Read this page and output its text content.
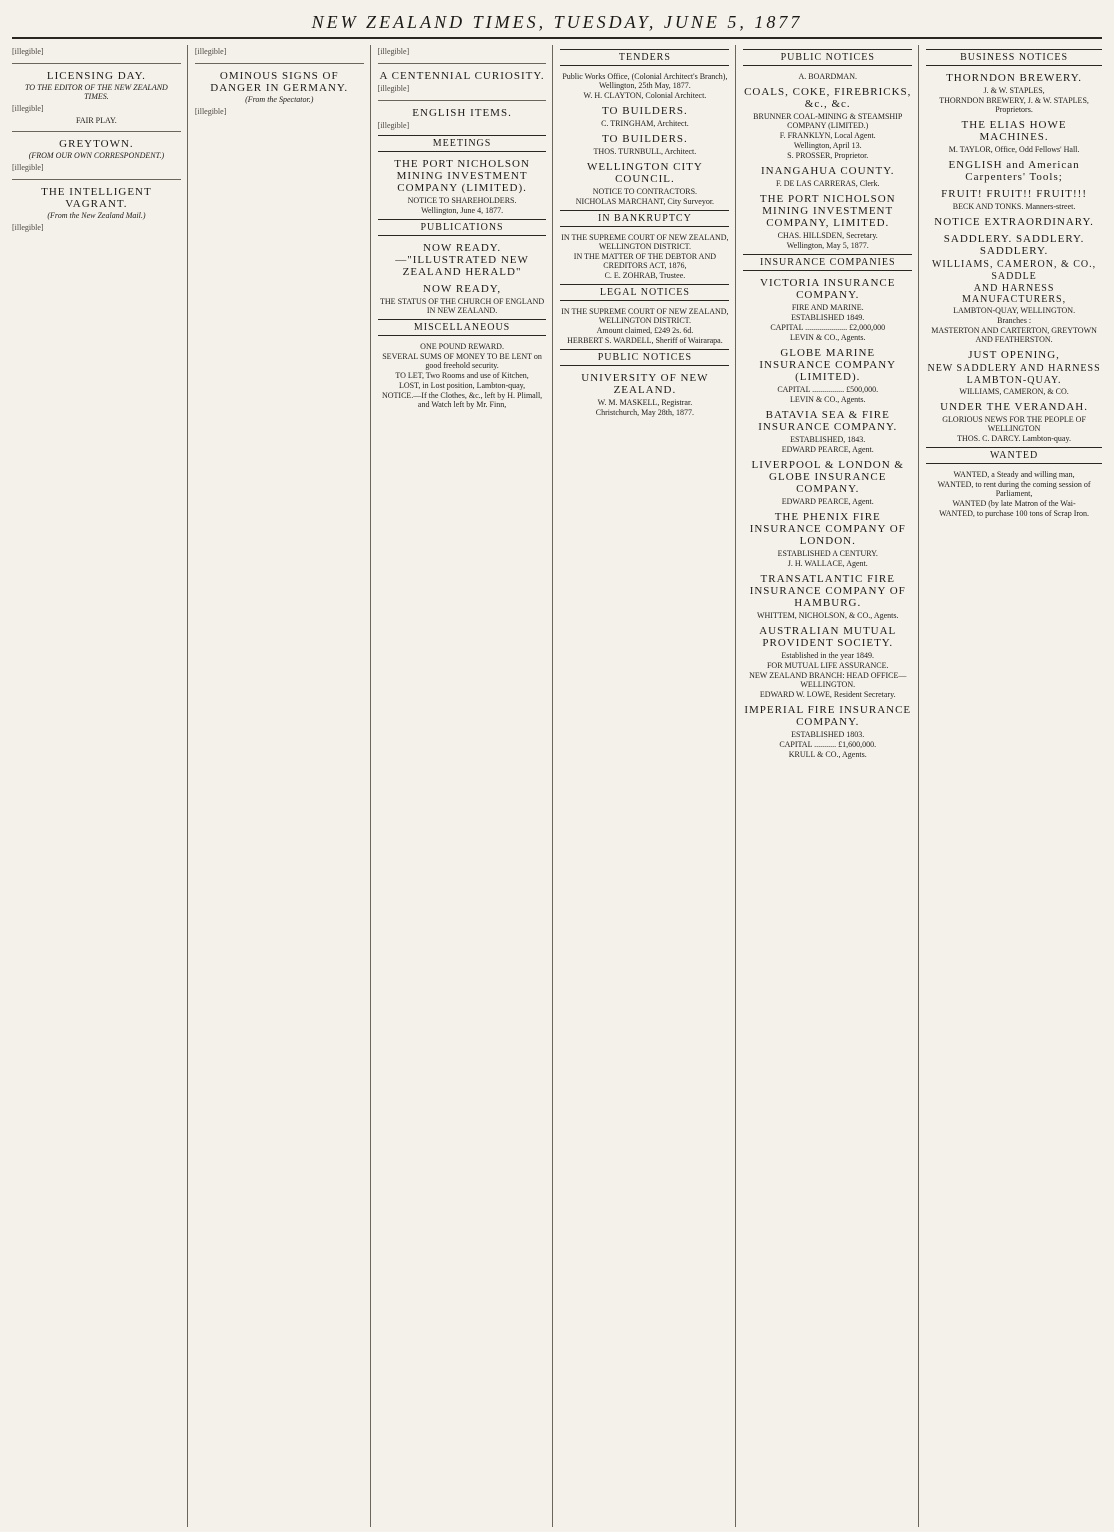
NEW ZEALAND TIMES, TUESDAY, JUNE 5, 1877

[illegible]

LICENSING DAY.
TO THE EDITOR OF THE NEW ZEALAND TIMES.

[illegible]

FAIR PLAY.
GREYTOWN.
(FROM OUR OWN CORRESPONDENT.)

[illegible]

THE INTELLIGENT VAGRANT.
(From the New Zealand Mail.)

[illegible]

[illegible]

OMINOUS SIGNS OF DANGER IN GERMANY.
(From the Spectator.)

[illegible]

[illegible]

A CENTENNIAL CURIOSITY.

[illegible]

ENGLISH ITEMS.

[illegible]

MEETINGS
THE PORT NICHOLSON MINING INVESTMENT COMPANY (LIMITED).
NOTICE TO SHAREHOLDERS.
Wellington, June 4, 1877.
PUBLICATIONS
NOW READY.—"ILLUSTRATED NEW ZEALAND HERALD"
NOW READY,
THE STATUS OF THE CHURCH OF ENGLAND IN NEW ZEALAND.
MISCELLANEOUS
ONE POUND REWARD.
SEVERAL SUMS OF MONEY TO BE LENT on good freehold security.
TO LET, Two Rooms and use of Kitchen,
LOST, in Lost position, Lambton-quay,
NOTICE.—If the Clothes, &c., left by H. Plimall, and Watch left by Mr. Finn,
TENDERS
Public Works Office, (Colonial Architect's Branch), Wellington, 25th May, 1877.
W. H. CLAYTON, Colonial Architect.
TO BUILDERS.
C. TRINGHAM, Architect.
TO BUILDERS.
THOS. TURNBULL, Architect.
WELLINGTON CITY COUNCIL.
NOTICE TO CONTRACTORS.
NICHOLAS MARCHANT, City Surveyor.
IN BANKRUPTCY
IN THE SUPREME COURT OF NEW ZEALAND, WELLINGTON DISTRICT.
IN THE MATTER OF THE DEBTOR AND CREDITORS ACT, 1876,
C. E. ZOHRAB, Trustee.
LEGAL NOTICES
IN THE SUPREME COURT OF NEW ZEALAND, WELLINGTON DISTRICT.
Amount claimed, £249 2s. 6d.
HERBERT S. WARDELL, Sheriff of Wairarapa.
PUBLIC NOTICES
UNIVERSITY OF NEW ZEALAND.
W. M. MASKELL, Registrar.
Christchurch, May 28th, 1877.
PUBLIC NOTICES
A. BOARDMAN.
COALS, COKE, FIREBRICKS, &c., &c.
BRUNNER COAL-MINING & STEAMSHIP COMPANY (LIMITED.)
F. FRANKLYN, Local Agent.
Wellington, April 13.
S. PROSSER, Proprietor.
INANGAHUA COUNTY.
F. DE LAS CARRERAS, Clerk.
THE PORT NICHOLSON MINING INVESTMENT COMPANY, LIMITED.
CHAS. HILLSDEN, Secretary.
Wellington, May 5, 1877.
INSURANCE COMPANIES
VICTORIA INSURANCE COMPANY.
FIRE AND MARINE.
ESTABLISHED 1849.
CAPITAL ..................... £2,000,000
LEVIN & CO., Agents.
GLOBE MARINE INSURANCE COMPANY (LIMITED).
CAPITAL ................ £500,000.
LEVIN & CO., Agents.
BATAVIA SEA & FIRE INSURANCE COMPANY.
ESTABLISHED, 1843.
EDWARD PEARCE, Agent.
LIVERPOOL & LONDON & GLOBE INSURANCE COMPANY.
EDWARD PEARCE, Agent.
THE PHENIX FIRE INSURANCE COMPANY OF LONDON.
ESTABLISHED A CENTURY.
J. H. WALLACE, Agent.
TRANSATLANTIC FIRE INSURANCE COMPANY OF HAMBURG.
WHITTEM, NICHOLSON, & CO., Agents.
AUSTRALIAN MUTUAL PROVIDENT SOCIETY.
Established in the year 1849.
FOR MUTUAL LIFE ASSURANCE.
NEW ZEALAND BRANCH: HEAD OFFICE—WELLINGTON.
EDWARD W. LOWE, Resident Secretary.
IMPERIAL FIRE INSURANCE COMPANY.
ESTABLISHED 1803.
CAPITAL ........... £1,600,000.
KRULL & CO., Agents.
BUSINESS NOTICES
THORNDON BREWERY.
J. & W. STAPLES,
THORNDON BREWERY, J. & W. STAPLES, Proprietors.
THE ELIAS HOWE MACHINES.
M. TAYLOR, Office, Odd Fellows' Hall.
ENGLISH and American Carpenters' Tools;
FRUIT! FRUIT!! FRUIT!!!
BECK AND TONKS. Manners-street.
NOTICE EXTRAORDINARY.
SADDLERY. SADDLERY. SADDLERY.
WILLIAMS, CAMERON, & CO.,
SADDLE
AND HARNESS MANUFACTURERS,
LAMBTON-QUAY, WELLINGTON.
Branches :
MASTERTON AND CARTERTON, GREYTOWN AND FEATHERSTON.
JUST OPENING,
NEW SADDLERY AND HARNESS
LAMBTON-QUAY.
WILLIAMS, CAMERON, & CO.
UNDER THE VERANDAH.
GLORIOUS NEWS FOR THE PEOPLE OF WELLINGTON
THOS. C. DARCY. Lambton-quay.
WANTED
WANTED, a Steady and willing man,
WANTED, to rent during the coming session of Parliament,
WANTED (by late Matron of the Wai-
WANTED, to purchase 100 tons of Scrap Iron.
